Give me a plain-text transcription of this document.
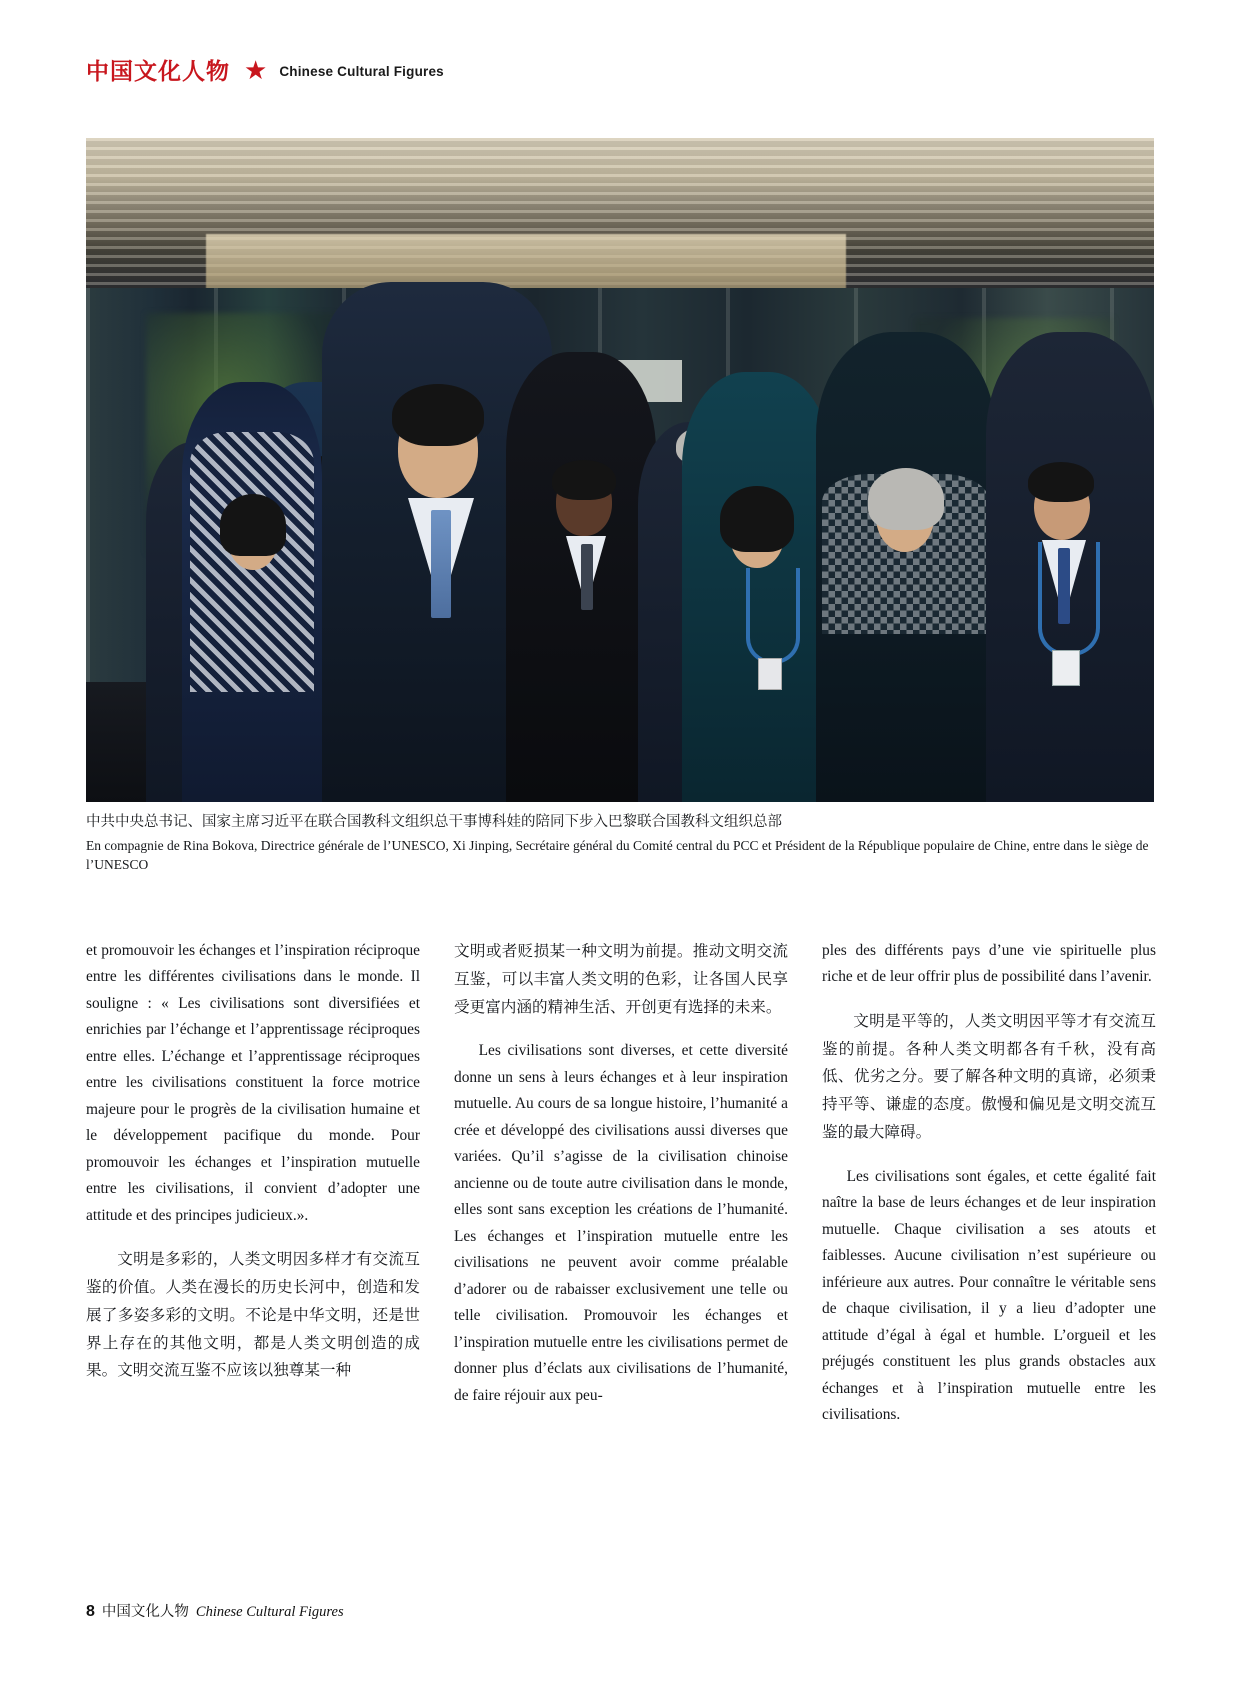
中国文化人物 ★ Chinese Cultural Figures
中共中央总书记、国家主席习近平在联合国教科文组织总干事博科娃的陪同下步入巴黎联合国教科文组织总部
En compagnie de Rina Bokova, Directrice générale de l’UNESCO, Xi Jinping, Secrétaire général du Comité central du PCC et Président de la République populaire de Chine, entre dans le siège de l’UNESCO

et promouvoir les échanges et l’inspiration réciproque entre les différentes civilisations dans le monde. Il souligne : « Les civilisations sont diversifiées et enrichies par l’échange et l’apprentissage réciproques entre elles. L’échange et l’apprentissage réciproques entre les civilisations constituent la force motrice majeure pour le progrès de la civilisation humaine et le développement pacifique du monde. Pour promouvoir les échanges et l’inspiration mutuelle entre les civilisations, il convient d’adopter une attitude et des principes judicieux.».

文明是多彩的，人类文明因多样才有交流互鉴的价值。人类在漫长的历史长河中，创造和发展了多姿多彩的文明。不论是中华文明，还是世界上存在的其他文明，都是人类文明创造的成果。文明交流互鉴不应该以独尊某一种

文明或者贬损某一种文明为前提。推动文明交流互鉴，可以丰富人类文明的色彩，让各国人民享受更富内涵的精神生活、开创更有选择的未来。

Les civilisations sont diverses, et cette diversité donne un sens à leurs échanges et à leur inspiration mutuelle. Au cours de sa longue histoire, l’humanité a crée et développé des civilisations aussi diverses que variées. Qu’il s’agisse de la civilisation chinoise ancienne ou de toute autre civilisation dans le monde, elles sont sans exception les créations de l’humanité. Les échanges et l’inspiration mutuelle entre les civilisations ne peuvent avoir comme préalable d’adorer ou de rabaisser exclusivement une telle ou telle civilisation. Promouvoir les échanges et l’inspiration mutuelle entre les civilisations permet de donner plus d’éclats aux civilisations de l’humanité, de faire réjouir aux peu-

ples des différents pays d’une vie spirituelle plus riche et de leur offrir plus de possibilité dans l’avenir.

文明是平等的，人类文明因平等才有交流互鉴的前提。各种人类文明都各有千秋，没有高低、优劣之分。要了解各种文明的真谛，必须秉持平等、谦虚的态度。傲慢和偏见是文明交流互鉴的最大障碍。

Les civilisations sont égales, et cette égalité fait naître la base de leurs échanges et de leur inspiration mutuelle. Chaque civilisation a ses atouts et faiblesses. Aucune civilisation n’est supérieure ou inférieure aux autres. Pour connaître le véritable sens de chaque civilisation, il y a lieu d’adopter une attitude d’égal à égal et humble. L’orgueil et les préjugés constituent les plus grands obstacles aux échanges et à l’inspiration mutuelle entre les civilisations.

8 中国文化人物 Chinese Cultural Figures
